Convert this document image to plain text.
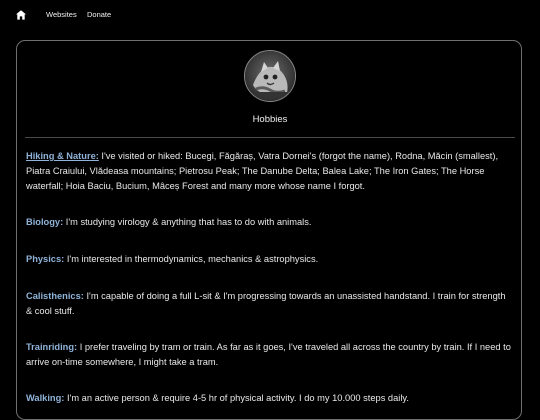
Websites Donate
Hobbies
Hiking & Nature: I've visited or hiked: Bucegi, Făgăraș, Vatra Dornei's (forgot the name), Rodna, Măcin (smallest), Piatra Craiului, Vlădeasa mountains; Pietrosu Peak; The Danube Delta; Balea Lake; The Iron Gates; The Horse waterfall; Hoia Baciu, Bucium, Mâceș Forest and many more whose name I forgot.
Biology: I'm studying virology & anything that has to do with animals.
Physics: I'm interested in thermodynamics, mechanics & astrophysics.
Calisthenics: I'm capable of doing a full L-sit & I'm progressing towards an unassisted handstand. I train for strength & cool stuff.
Trainriding: I prefer traveling by tram or train. As far as it goes, I've traveled all across the country by train. If I need to arrive on-time somewhere, I might take a tram.
Walking: I'm an active person & require 4-5 hr of physical activity. I do my 10.000 steps daily.
